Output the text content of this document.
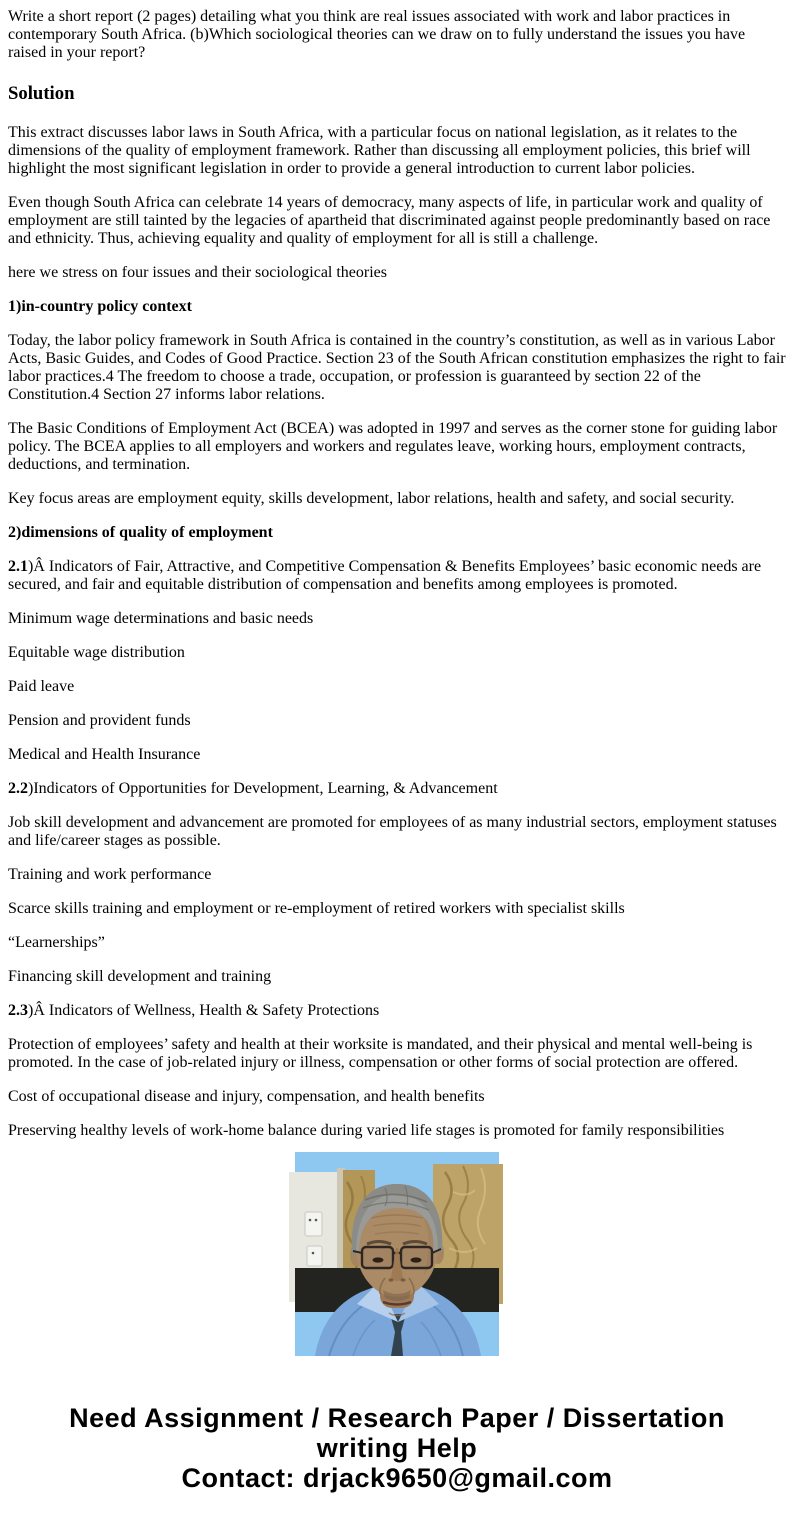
Write a short report (2 pages) detailing what you think are real issues associated with work and labor practices in contemporary South Africa. (b)Which sociological theories can we draw on to fully understand the issues you have raised in your report?

Solution

This extract discusses labor laws in South Africa, with a particular focus on national legislation, as it relates to the dimensions of the quality of employment framework. Rather than discussing all employment policies, this brief will highlight the most significant legislation in order to provide a general introduction to current labor policies.

Even though South Africa can celebrate 14 years of democracy, many aspects of life, in particular work and quality of employment are still tainted by the legacies of apartheid that discriminated against people predominantly based on race and ethnicity. Thus, achieving equality and quality of employment for all is still a challenge.

here we stress on four issues and their sociological theories

1)in-country policy context

Today, the labor policy framework in South Africa is contained in the country’s constitution, as well as in various Labor Acts, Basic Guides, and Codes of Good Practice. Section 23 of the South African constitution emphasizes the right to fair labor practices.4 The freedom to choose a trade, occupation, or profession is guaranteed by section 22 of the Constitution.4 Section 27 informs labor relations.

The Basic Conditions of Employment Act (BCEA) was adopted in 1997 and serves as the corner stone for guiding labor policy. The BCEA applies to all employers and workers and regulates leave, working hours, employment contracts, deductions, and termination.

Key focus areas are employment equity, skills development, labor relations, health and safety, and social security.

2)dimensions of quality of employment

2.1)Â Indicators of Fair, Attractive, and Competitive Compensation & Benefits Employees’ basic economic needs are secured, and fair and equitable distribution of compensation and benefits among employees is promoted.

Minimum wage determinations and basic needs

Equitable wage distribution

Paid leave

Pension and provident funds

Medical and Health Insurance

2.2)Indicators of Opportunities for Development, Learning, & Advancement

Job skill development and advancement are promoted for employees of as many industrial sectors, employment statuses and life/career stages as possible.

Training and work performance

Scarce skills training and employment or re-employment of retired workers with specialist skills

“Learnerships”

Financing skill development and training

2.3)Â Indicators of Wellness, Health & Safety Protections

Protection of employees’ safety and health at their worksite is mandated, and their physical and mental well-being is promoted. In the case of job-related injury or illness, compensation or other forms of social protection are offered.

Cost of occupational disease and injury, compensation, and health benefits

Preserving healthy levels of work-home balance during varied life stages is promoted for family responsibilities

Need Assignment / Research Paper / Dissertation
writing Help
Contact: drjack9650@gmail.com
